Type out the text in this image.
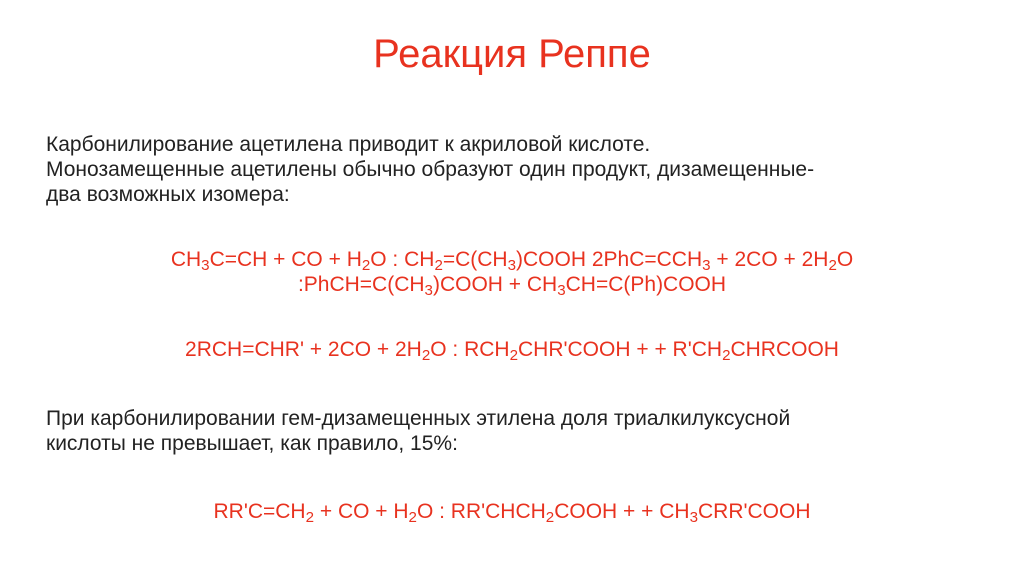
Реакция Реппе
Карбонилирование ацетилена приводит к акриловой кислоте.
Монозамещенные ацетилены обычно образуют один продукт, дизамещенные-
два возможных изомера:
$CH_3C=CH$ + CO + $H_2O$ : $CH_2=C(CH_3)COOH$ $2PhC=CCH_3 + 2CO + 2H_2O$
$:PhCH=C(CH_3)COOH$ + $CH_3CH=C(Ph)COOH$
$2RCH=CHR' + 2CO + 2H_2O$ : $RCH_2CHR'COOH$ + + $R'CH_2CHRCOOH$
При карбонилировании гем-дизамещенных этилена доля триалкилуксусной
кислоты не превышает, как правило, 15%:
$RR'C=CH_2$ + CO + $H_2O$ : $RR'CHCH_2COOH$ + + $CH_3CRR'COOH$
